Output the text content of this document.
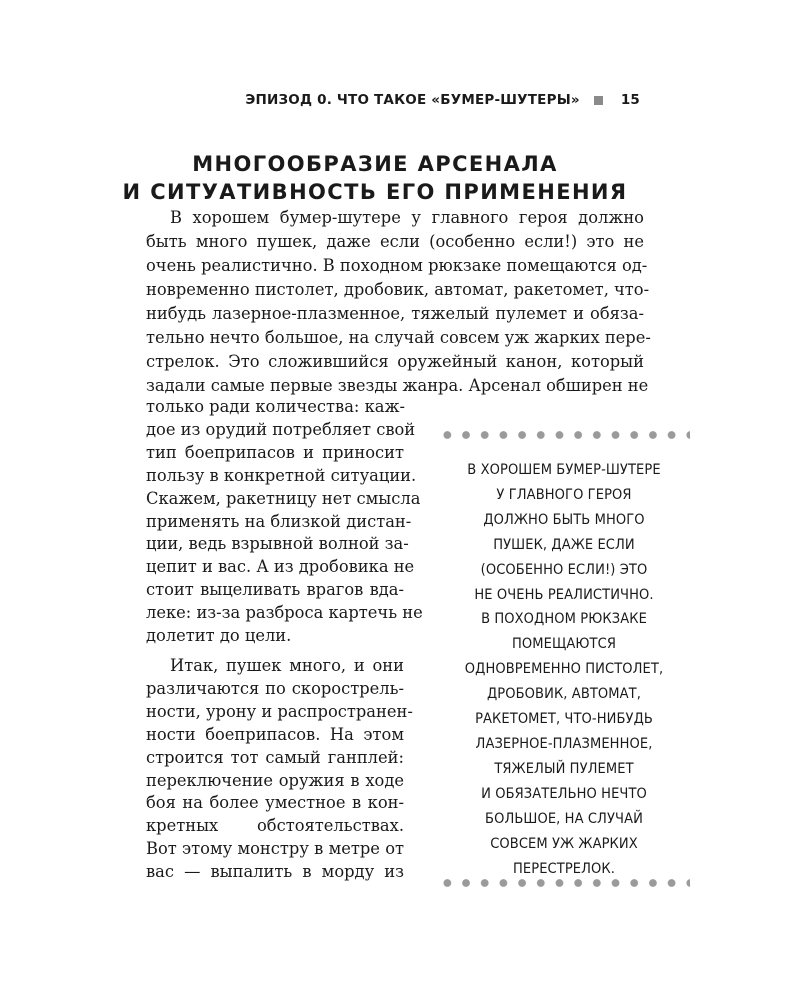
ЭПИЗОД 0. ЧТО ТАКОЕ «БУМЕР-ШУТЕРЫ»	15
МНОГООБРАЗИЕ АРСЕНАЛА
И СИТУАТИВНОСТЬ ЕГО ПРИМЕНЕНИЯ
В хорошем бумер-шутере у главного героя должно
быть много пушек, даже если (особенно если!) это не
очень реалистично. В походном рюкзаке помещаются од-
новременно пистолет, дробовик, автомат, ракетомет, что-
нибудь лазерное-плазменное, тяжелый пулемет и обяза-
тельно нечто большое, на случай совсем уж жарких пере-
стрелок. Это сложившийся оружейный канон, который
задали самые первые звезды жанра. Арсенал обширен не
только ради количества: каж-
дое из орудий потребляет свой
тип боеприпасов и приносит
пользу в конкретной ситуации.
Скажем, ракетницу нет смысла
применять на близкой дистан-
ции, ведь взрывной волной за-
цепит и вас. А из дробовика не
стоит выцеливать врагов вда-
леке: из-за разброса картечь не
долетит до цели.
Итак, пушек много, и они
различаются по скорострель-
ности, урону и распространен-
ности боеприпасов. На этом
строится тот самый ганплей:
переключение оружия в ходе
боя на более уместное в кон-
кретных обстоятельствах.
Вот этому монстру в метре от
вас — выпалить в морду из
В ХОРОШЕМ БУМЕР-ШУТЕРЕ
У ГЛАВНОГО ГЕРОЯ
ДОЛЖНО БЫТЬ МНОГО
ПУШЕК, ДАЖЕ ЕСЛИ
(ОСОБЕННО ЕСЛИ!) ЭТО
НЕ ОЧЕНЬ РЕАЛИСТИЧНО.
В ПОХОДНОМ РЮКЗАКЕ
ПОМЕЩАЮТСЯ
ОДНОВРЕМЕННО ПИСТОЛЕТ,
ДРОБОВИК, АВТОМАТ,
РАКЕТОМЕТ, ЧТО-НИБУДЬ
ЛАЗЕРНОЕ-ПЛАЗМЕННОЕ,
ТЯЖЕЛЫЙ ПУЛЕМЕТ
И ОБЯЗАТЕЛЬНО НЕЧТО
БОЛЬШОЕ, НА СЛУЧАЙ
СОВСЕМ УЖ ЖАРКИХ
ПЕРЕСТРЕЛОК.
